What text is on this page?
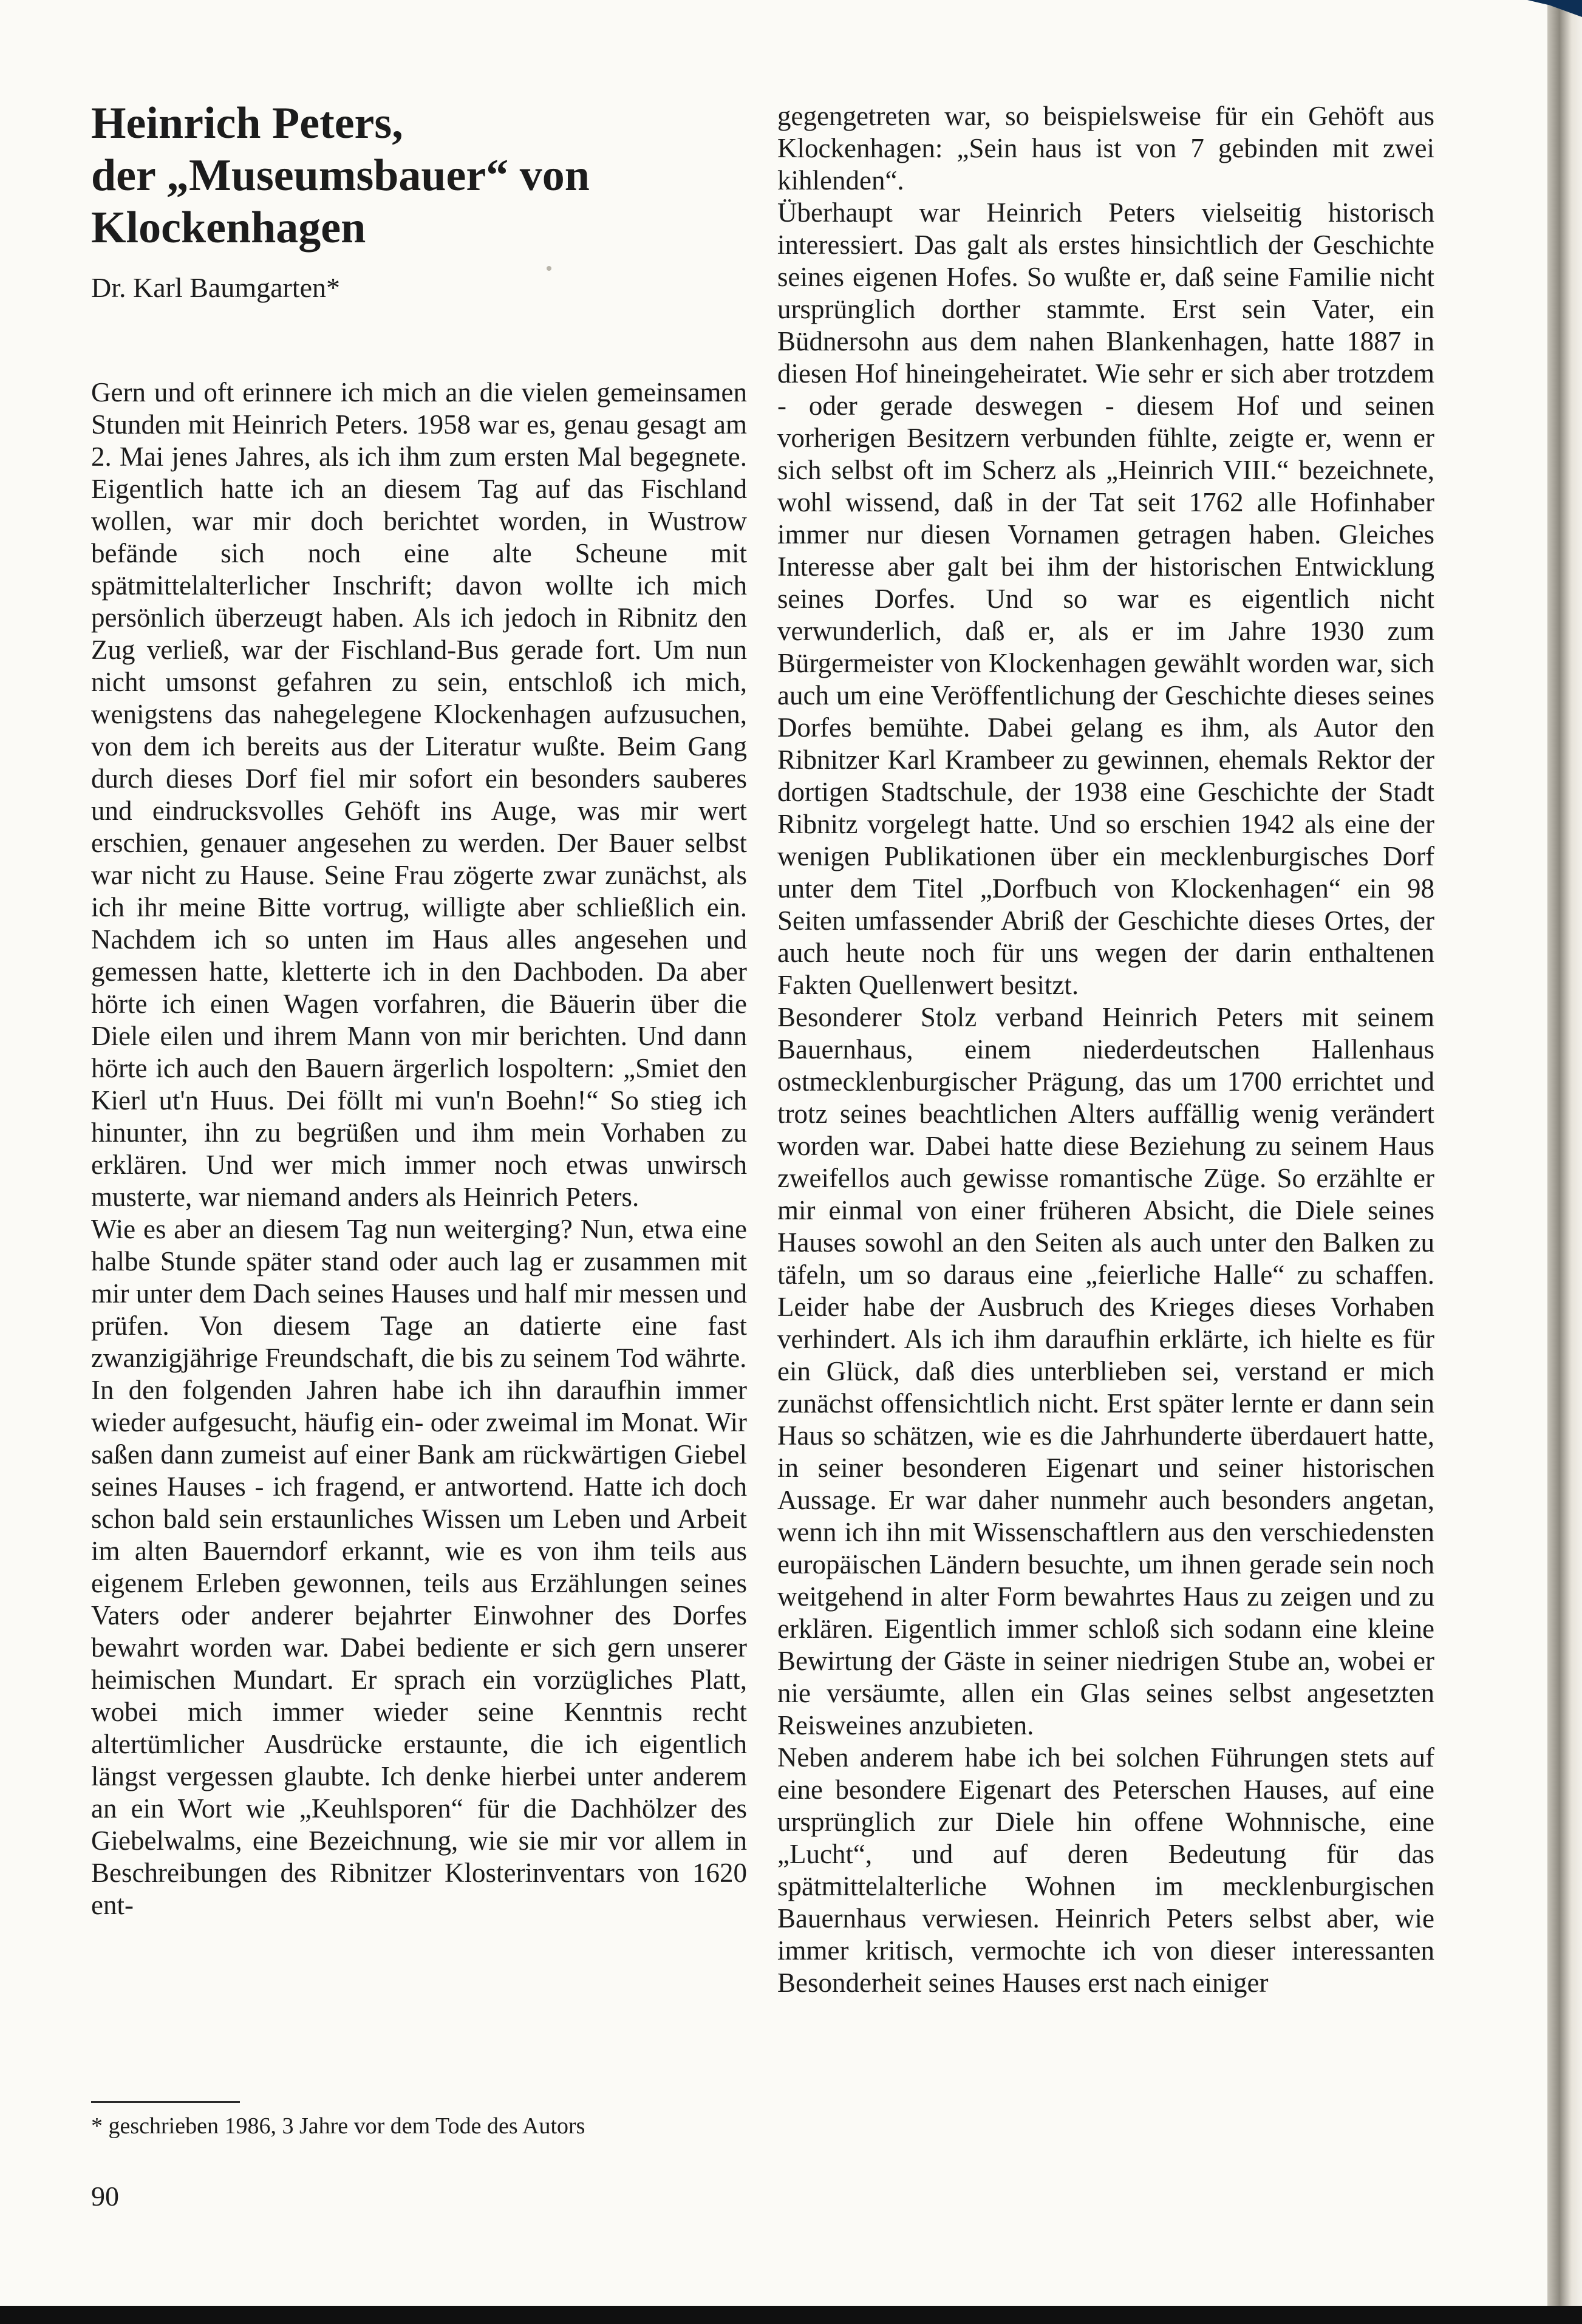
Heinrich Peters,
der „Museumsbauer“ von
Klockenhagen

Dr. Karl Baumgarten*

Gern und oft erinnere ich mich an die vielen gemeinsamen Stunden mit Heinrich Peters. 1958 war es, genau gesagt am 2. Mai jenes Jahres, als ich ihm zum ersten Mal begegnete. Eigentlich hatte ich an diesem Tag auf das Fischland wollen, war mir doch berichtet worden, in Wustrow befände sich noch eine alte Scheune mit spätmittelalterlicher Inschrift; davon wollte ich mich persönlich überzeugt haben. Als ich jedoch in Ribnitz den Zug verließ, war der Fischland-Bus gerade fort. Um nun nicht umsonst gefahren zu sein, entschloß ich mich, wenigstens das nahegelegene Klockenhagen aufzusuchen, von dem ich bereits aus der Literatur wußte. Beim Gang durch dieses Dorf fiel mir sofort ein besonders sauberes und eindrucksvolles Gehöft ins Auge, was mir wert erschien, genauer angesehen zu werden. Der Bauer selbst war nicht zu Hause. Seine Frau zögerte zwar zunächst, als ich ihr meine Bitte vortrug, willigte aber schließlich ein. Nachdem ich so unten im Haus alles angesehen und gemessen hatte, kletterte ich in den Dachboden. Da aber hörte ich einen Wagen vorfahren, die Bäuerin über die Diele eilen und ihrem Mann von mir berichten. Und dann hörte ich auch den Bauern ärgerlich lospoltern: „Smiet den Kierl ut'n Huus. Dei föllt mi vun'n Boehn!“ So stieg ich hinunter, ihn zu begrüßen und ihm mein Vorhaben zu erklären. Und wer mich immer noch etwas unwirsch musterte, war niemand anders als Heinrich Peters.

Wie es aber an diesem Tag nun weiterging? Nun, etwa eine halbe Stunde später stand oder auch lag er zusammen mit mir unter dem Dach seines Hauses und half mir messen und prüfen. Von diesem Tage an datierte eine fast zwanzigjährige Freundschaft, die bis zu seinem Tod währte.

In den folgenden Jahren habe ich ihn daraufhin immer wieder aufgesucht, häufig ein- oder zweimal im Monat. Wir saßen dann zumeist auf einer Bank am rückwärtigen Giebel seines Hauses - ich fragend, er antwortend. Hatte ich doch schon bald sein erstaunliches Wissen um Leben und Arbeit im alten Bauerndorf erkannt, wie es von ihm teils aus eigenem Erleben gewonnen, teils aus Erzählungen seines Vaters oder anderer bejahrter Einwohner des Dorfes bewahrt worden war. Dabei bediente er sich gern unserer heimischen Mundart. Er sprach ein vorzügliches Platt, wobei mich immer wieder seine Kenntnis recht altertümlicher Ausdrücke erstaunte, die ich eigentlich längst vergessen glaubte. Ich denke hierbei unter anderem an ein Wort wie „Keuhlsporen“ für die Dachhölzer des Giebelwalms, eine Bezeichnung, wie sie mir vor allem in Beschreibungen des Ribnitzer Klosterinventars von 1620 ent-

gegengetreten war, so beispielsweise für ein Gehöft aus Klockenhagen: „Sein haus ist von 7 gebinden mit zwei kihlenden“.

Überhaupt war Heinrich Peters vielseitig historisch interessiert. Das galt als erstes hinsichtlich der Geschichte seines eigenen Hofes. So wußte er, daß seine Familie nicht ursprünglich dorther stammte. Erst sein Vater, ein Büdnersohn aus dem nahen Blankenhagen, hatte 1887 in diesen Hof hineingeheiratet. Wie sehr er sich aber trotzdem - oder gerade deswegen - diesem Hof und seinen vorherigen Besitzern verbunden fühlte, zeigte er, wenn er sich selbst oft im Scherz als „Heinrich VIII.“ bezeichnete, wohl wissend, daß in der Tat seit 1762 alle Hofinhaber immer nur diesen Vornamen getragen haben. Gleiches Interesse aber galt bei ihm der historischen Entwicklung seines Dorfes. Und so war es eigentlich nicht verwunderlich, daß er, als er im Jahre 1930 zum Bürgermeister von Klockenhagen gewählt worden war, sich auch um eine Veröffentlichung der Geschichte dieses seines Dorfes bemühte. Dabei gelang es ihm, als Autor den Ribnitzer Karl Krambeer zu gewinnen, ehemals Rektor der dortigen Stadtschule, der 1938 eine Geschichte der Stadt Ribnitz vorgelegt hatte. Und so erschien 1942 als eine der wenigen Publikationen über ein mecklenburgisches Dorf unter dem Titel „Dorfbuch von Klockenhagen“ ein 98 Seiten umfassender Abriß der Geschichte dieses Ortes, der auch heute noch für uns wegen der darin enthaltenen Fakten Quellenwert besitzt.

Besonderer Stolz verband Heinrich Peters mit seinem Bauernhaus, einem niederdeutschen Hallenhaus ostmecklenburgischer Prägung, das um 1700 errichtet und trotz seines beachtlichen Alters auffällig wenig verändert worden war. Dabei hatte diese Beziehung zu seinem Haus zweifellos auch gewisse romantische Züge. So erzählte er mir einmal von einer früheren Absicht, die Diele seines Hauses sowohl an den Seiten als auch unter den Balken zu täfeln, um so daraus eine „feierliche Halle“ zu schaffen. Leider habe der Ausbruch des Krieges dieses Vorhaben verhindert. Als ich ihm daraufhin erklärte, ich hielte es für ein Glück, daß dies unterblieben sei, verstand er mich zunächst offensichtlich nicht. Erst später lernte er dann sein Haus so schätzen, wie es die Jahrhunderte überdauert hatte, in seiner besonderen Eigenart und seiner historischen Aussage. Er war daher nunmehr auch besonders angetan, wenn ich ihn mit Wissenschaftlern aus den verschiedensten europäischen Ländern besuchte, um ihnen gerade sein noch weitgehend in alter Form bewahrtes Haus zu zeigen und zu erklären. Eigentlich immer schloß sich sodann eine kleine Bewirtung der Gäste in seiner niedrigen Stube an, wobei er nie versäumte, allen ein Glas seines selbst angesetzten Reisweines anzubieten.

Neben anderem habe ich bei solchen Führungen stets auf eine besondere Eigenart des Peterschen Hauses, auf eine ursprünglich zur Diele hin offene Wohnnische, eine „Lucht“, und auf deren Bedeutung für das spätmittelalterliche Wohnen im mecklenburgischen Bauernhaus verwiesen. Heinrich Peters selbst aber, wie immer kritisch, vermochte ich von dieser interessanten Besonderheit seines Hauses erst nach einiger

* geschrieben 1986, 3 Jahre vor dem Tode des Autors
90
